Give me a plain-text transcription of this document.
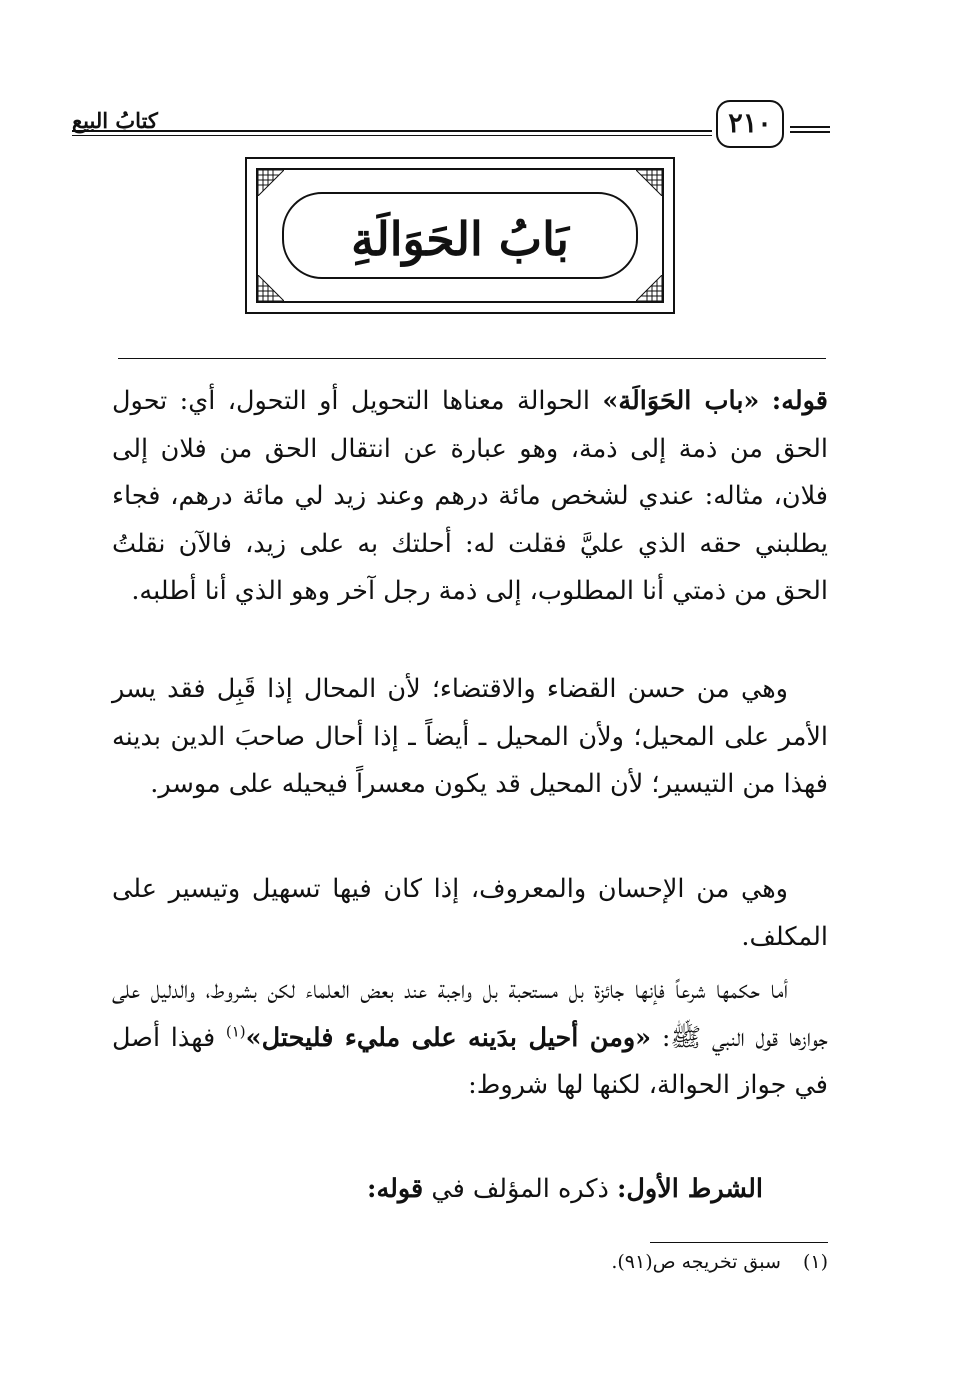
٢١٠
كتابُ البيع
بَابُ الحَوَالَةِ

قوله: «باب الحَوَالَة» الحوالة معناها التحويل أو التحول، أي: تحول الحق من ذمة إلى ذمة، وهو عبارة عن انتقال الحق من فلان إلى فلان، مثاله: عندي لشخص مائة درهم وعند زيد لي مائة درهم، فجاء يطلبني حقه الذي عليَّ فقلت له: أحلتك به على زيد، فالآن نقلتُ الحق من ذمتي أنا المطلوب، إلى ذمة رجل آخر وهو الذي أنا أطلبه.

وهي من حسن القضاء والاقتضاء؛ لأن المحال إذا قَبِل فقد يسر الأمر على المحيل؛ ولأن المحيل ـ أيضاً ـ إذا أحال صاحبَ الدين بدينه فهذا من التيسير؛ لأن المحيل قد يكون معسراً فيحيله على موسر.

وهي من الإحسان والمعروف، إذا كان فيها تسهيل وتيسير على المكلف.

أما حكمها شرعاً فإنها جائزة بل مستحبة بل واجبة عند بعض العلماء لكن بشروط، والدليل على جوازها قول النبي ﷺ: «ومن أحيل بدَينه على مليء فليحتل»$^{(١)}$ فهذا أصل في جواز الحوالة، لكنها لها شروط:

الشرط الأول: ذكره المؤلف في قوله:

(١)سبق تخريجه ص(٩١).
